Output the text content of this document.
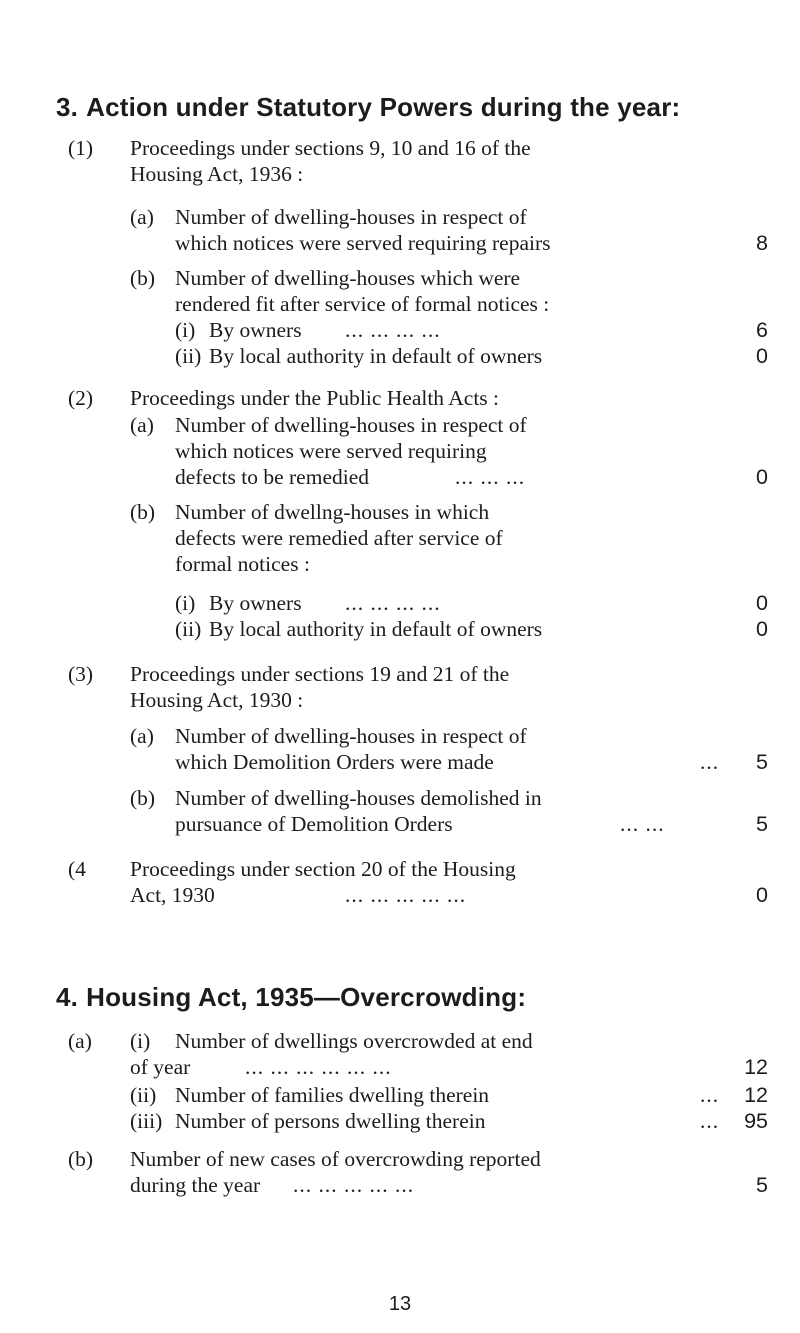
3. Action under Statutory Powers during the year:
(1) Proceedings under sections 9, 10 and 16 of the
Housing Act, 1936 :
(a) Number of dwelling-houses in respect of
which notices were served requiring repairs	8
(b) Number of dwelling-houses which were
rendered fit after service of formal notices :
(i) By owners ... ... ... ...	6
(ii) By local authority in default of owners	0
(2) Proceedings under the Public Health Acts :
(a) Number of dwelling-houses in respect of
which notices were served requiring
defects to be remedied	... ... ...	0
(b) Number of dwellng-houses in which
defects were remedied after service of
formal notices :
(i) By owners ... ... ... ...	0
(ii) By local authority in default of owners	0
(3) Proceedings under sections 19 and 21 of the
Housing Act, 1930 :
(a) Number of dwelling-houses in respect of
which Demolition Orders were made	... 5
(b) Number of dwelling-houses demolished in
pursuance of Demolition Orders	... ...	5
(4 Proceedings under section 20 of the Housing
Act, 1930	... ... ... ... ...	0
4. Housing Act, 1935—Overcrowding:
(a) (i) Number of dwellings overcrowded at end
of year	... ... ... ... ... ...	12
(ii) Number of families dwelling therein	... 12
(iii) Number of persons dwelling therein	... 95
(b) Number of new cases of overcrowding reported
during the year ... ... ... ... ...	5
13
